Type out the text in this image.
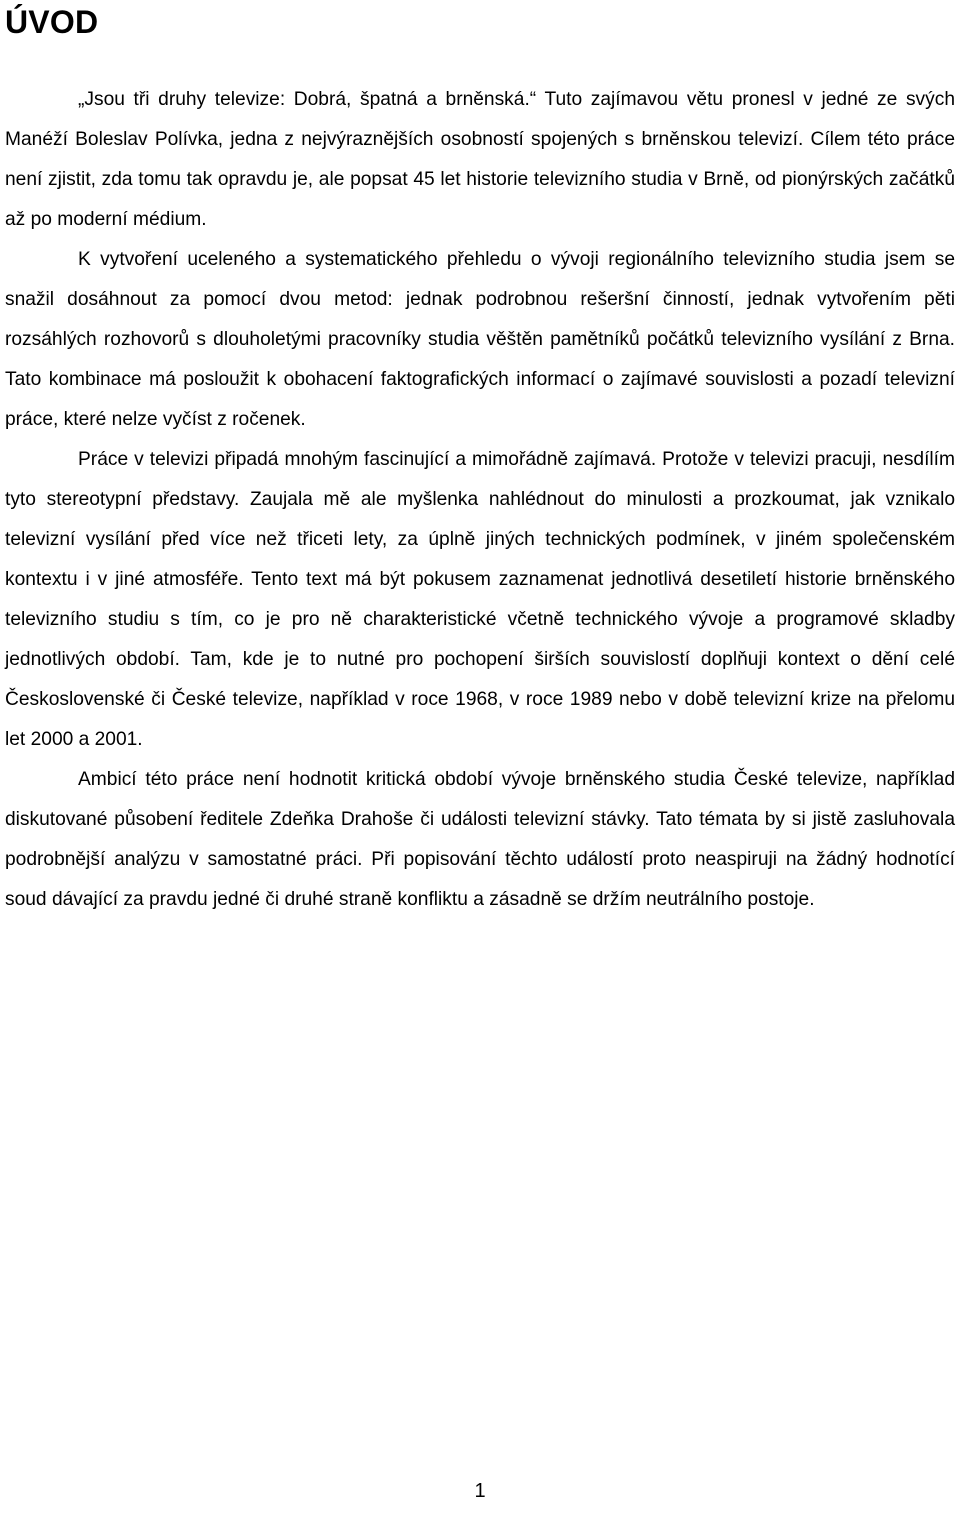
ÚVOD

„Jsou tři druhy televize: Dobrá, špatná a brněnská.“ Tuto zajímavou větu pronesl v jedné ze svých Manéží Boleslav Polívka, jedna z nejvýraznějších osobností spojených s brněnskou televizí. Cílem této práce není zjistit, zda tomu tak opravdu je, ale popsat 45 let historie televizního studia v Brně, od pionýrských začátků až po moderní médium.

K vytvoření uceleného a systematického přehledu o vývoji regionálního televizního studia jsem se snažil dosáhnout za pomocí dvou metod: jednak podrobnou rešeršní činností, jednak vytvořením pěti rozsáhlých rozhovorů s dlouholetými pracovníky studia věštěn pamětníků počátků televizního vysílání z Brna. Tato kombinace má posloužit k obohacení faktografických informací o zajímavé souvislosti a pozadí televizní práce, které nelze vyčíst z ročenek.

Práce v televizi připadá mnohým fascinující a mimořádně zajímavá. Protože v televizi pracuji, nesdílím tyto stereotypní představy. Zaujala mě ale myšlenka nahlédnout do minulosti a prozkoumat, jak vznikalo televizní vysílání před více než třiceti lety, za úplně jiných technických podmínek, v jiném společenském kontextu i v jiné atmosféře. Tento text má být pokusem zaznamenat jednotlivá desetiletí historie brněnského televizního studiu s tím, co je pro ně charakteristické včetně technického vývoje a programové skladby jednotlivých období. Tam, kde je to nutné pro pochopení širších souvislostí doplňuji kontext o dění celé Československé či České televize, například v roce 1968, v roce 1989 nebo v době televizní krize na přelomu let 2000 a 2001.

Ambicí této práce není hodnotit kritická období vývoje brněnského studia České televize, například diskutované působení ředitele Zdeňka Drahoše či události televizní stávky. Tato témata by si jistě zasluhovala podrobnější analýzu v samostatné práci. Při popisování těchto událostí proto neaspiruji na žádný hodnotící soud dávající za pravdu jedné či druhé straně konfliktu a zásadně se držím neutrálního postoje.

1
